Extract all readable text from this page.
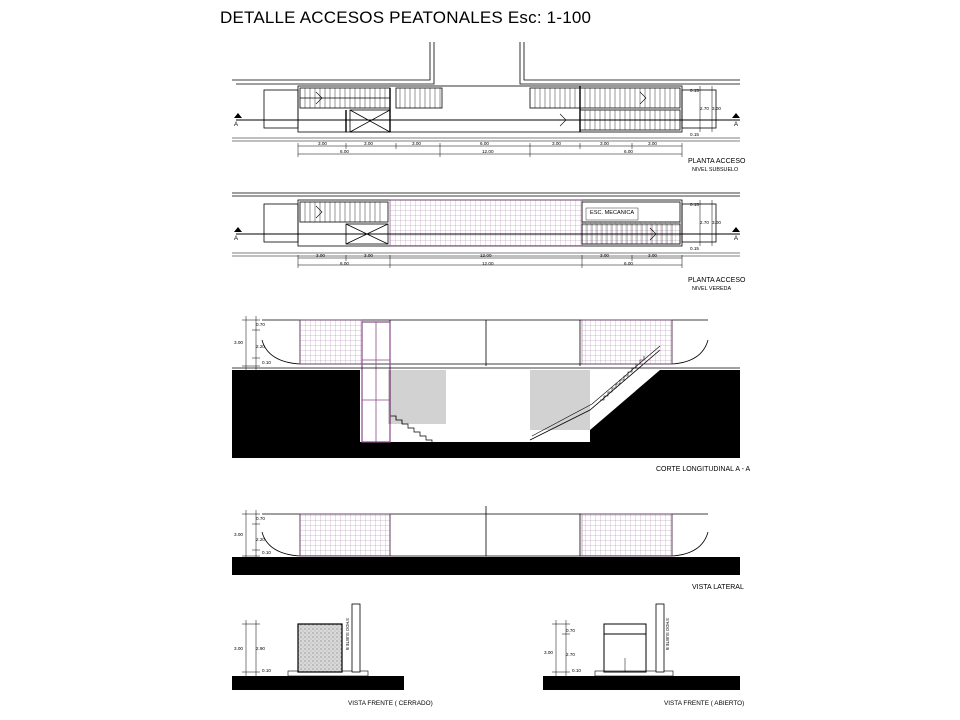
DETALLE ACCESOS PEATONALES Esc: 1-100
3.00	3.00	3.00	6.00	3.00	3.00	3.00
6.00	12.00	6.00
0.15
2.70 3.00
0.15
A	A
PLANTA ACCESO
NIVEL SUBSUELO
ESC. MECANICA
3.00	3.00	12.00	3.00	3.00
6.00	12.00	6.00
0.15
2.70 3.00
0.15
A	A
PLANTA ACCESO
NIVEL VEREDA
0.70
3.00
2.20
0.10
CORTE LONGITUDINAL A - A
0.70
3.00
2.20
0.10
VISTA LATERAL
S'HOO SUBTE B	S'HOO SUBTE B
3.00	2.90
0.10
0.70
3.00	2.70
0.10
VISTA FRENTE ( CERRADO)	VISTA FRENTE ( ABIERTO)
